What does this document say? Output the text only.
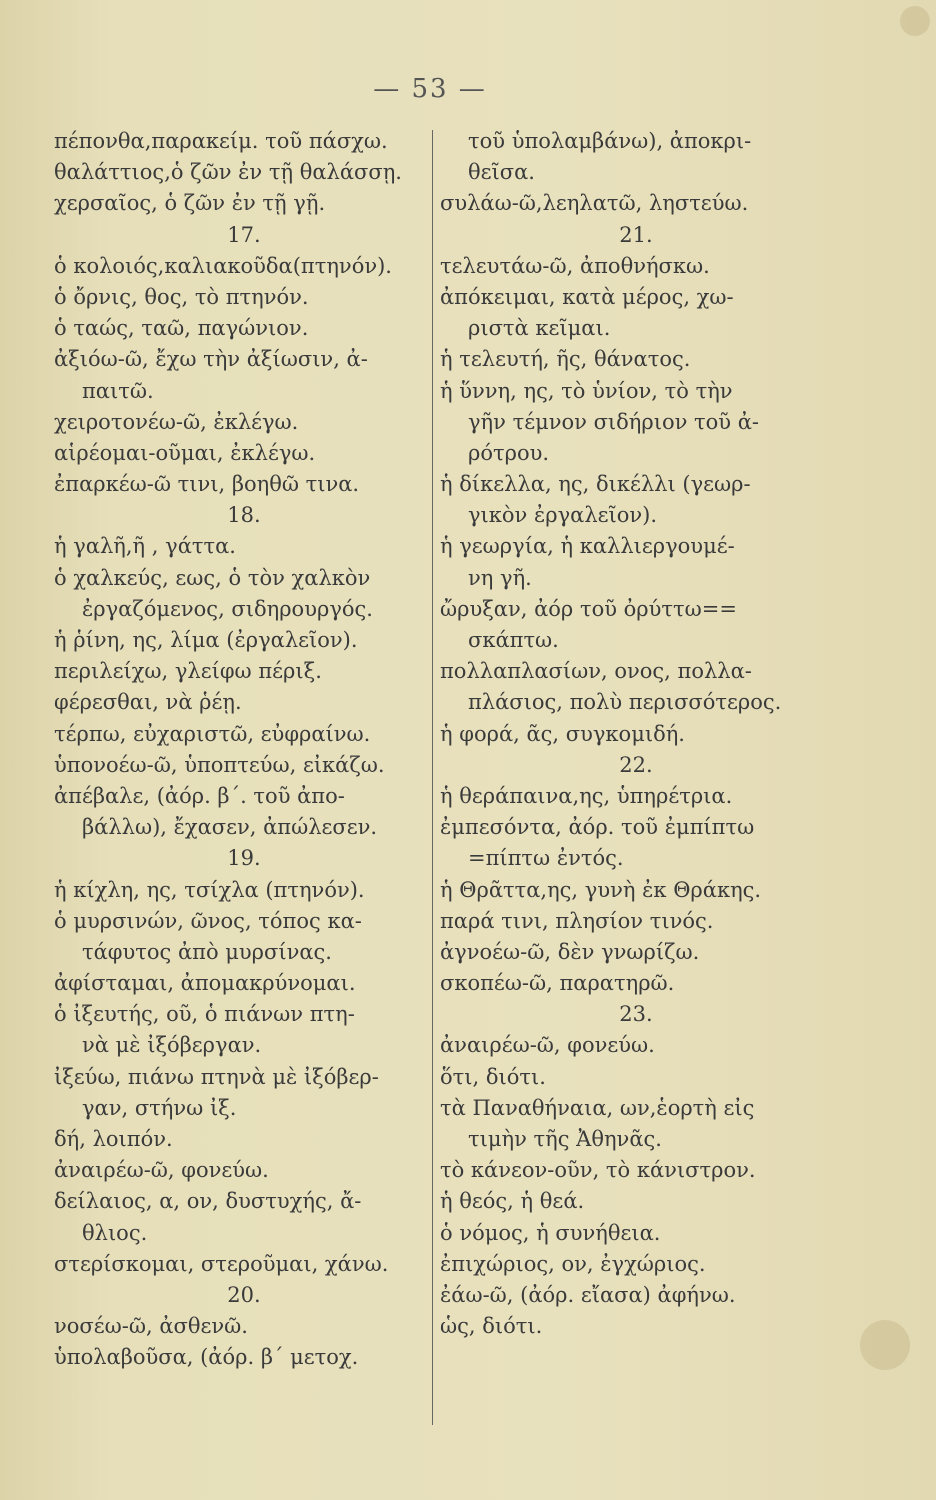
— 53 —
πέπονθα,παρακείμ. τοῦ πάσχω.
θαλάττιος,ὁ ζῶν ἐν τῇ θαλάσσῃ.
χερσαῖος, ὁ ζῶν ἐν τῇ γῇ.
17.
ὁ κολοιός,καλιακοῦδα(πτηνόν).
ὁ ὄρνις, θος, τὸ πτηνόν.
ὁ ταώς, ταῶ, παγώνιον.
ἀξιόω-ῶ, ἔχω τὴν ἀξίωσιν, ἀ-
παιτῶ.
χειροτονέω-ῶ, ἐκλέγω.
αἱρέομαι-οῦμαι, ἐκλέγω.
ἐπαρκέω-ῶ τινι, βοηθῶ τινα.
18.
ἡ γαλῆ,ῆ , γάττα.
ὁ χαλκεύς, εως, ὁ τὸν χαλκὸν
ἐργαζόμενος, σιδηρουργός.
ἡ ῥίνη, ης, λίμα (ἐργαλεῖον).
περιλείχω, γλείφω πέριξ.
φέρεσθαι, νὰ ῥέῃ.
τέρπω, εὐχαριστῶ, εὐφραίνω.
ὑπονοέω-ῶ, ὑποπτεύω, εἰκάζω.
ἀπέβαλε, (ἀόρ. β΄. τοῦ ἀπο-
βάλλω), ἔχασεν, ἀπώλεσεν.
19.
ἡ κίχλη, ης, τσίχλα (πτηνόν).
ὁ μυρσινών, ῶνος, τόπος κα-
τάφυτος ἀπὸ μυρσίνας.
ἀφίσταμαι, ἀπομακρύνομαι.
ὁ ἰξευτής, οῦ, ὁ πιάνων πτη-
νὰ μὲ ἰξόβεργαν.
ἰξεύω, πιάνω πτηνὰ μὲ ἰξόβερ-
γαν, στήνω ἰξ.
δή, λοιπόν.
ἀναιρέω-ῶ, φονεύω.
δείλαιος, α, ον, δυστυχής, ἄ-
θλιος.
στερίσκομαι, στεροῦμαι, χάνω.
20.
νοσέω-ῶ, ἀσθενῶ.
ὑπολαβοῦσα, (ἀόρ. β΄ μετοχ.
τοῦ ὑπολαμβάνω), ἀποκρι-
θεῖσα.
συλάω-ῶ,λεηλατῶ, ληστεύω.
21.
τελευτάω-ῶ, ἀποθνήσκω.
ἀπόκειμαι, κατὰ μέρος, χω-
ριστὰ κεῖμαι.
ἡ τελευτή, ῆς, θάνατος.
ἡ ὕννη, ης, τὸ ὑνίον, τὸ τὴν
γῆν τέμνον σιδήριον τοῦ ἀ-
ρότρου.
ἡ δίκελλα, ης, δικέλλι (γεωρ-
γικὸν ἐργαλεῖον).
ἡ γεωργία, ἡ καλλιεργουμέ-
νη γῆ.
ὤρυξαν, ἀόρ τοῦ ὀρύττω==
σκάπτω.
πολλαπλασίων, ονος, πολλα-
πλάσιος, πολὺ περισσότερος.
ἡ φορά, ᾶς, συγκομιδή.
22.
ἡ θεράπαινα,ης, ὑπηρέτρια.
ἐμπεσόντα, ἀόρ. τοῦ ἐμπίπτω
=πίπτω ἐντός.
ἡ Θρᾶττα,ης, γυνὴ ἐκ Θράκης.
παρά τινι, πλησίον τινός.
ἀγνοέω-ῶ, δὲν γνωρίζω.
σκοπέω-ῶ, παρατηρῶ.
23.
ἀναιρέω-ῶ, φονεύω.
ὅτι, διότι.
τὰ Παναθήναια, ων,ἑορτὴ εἰς
τιμὴν τῆς Ἀθηνᾶς.
τὸ κάνεον-οῦν, τὸ κάνιστρον.
ἡ θεός, ἡ θεά.
ὁ νόμος, ἡ συνήθεια.
ἐπιχώριος, ον, ἐγχώριος.
ἐάω-ῶ, (ἀόρ. εἴασα) ἀφήνω.
ὡς, διότι.
